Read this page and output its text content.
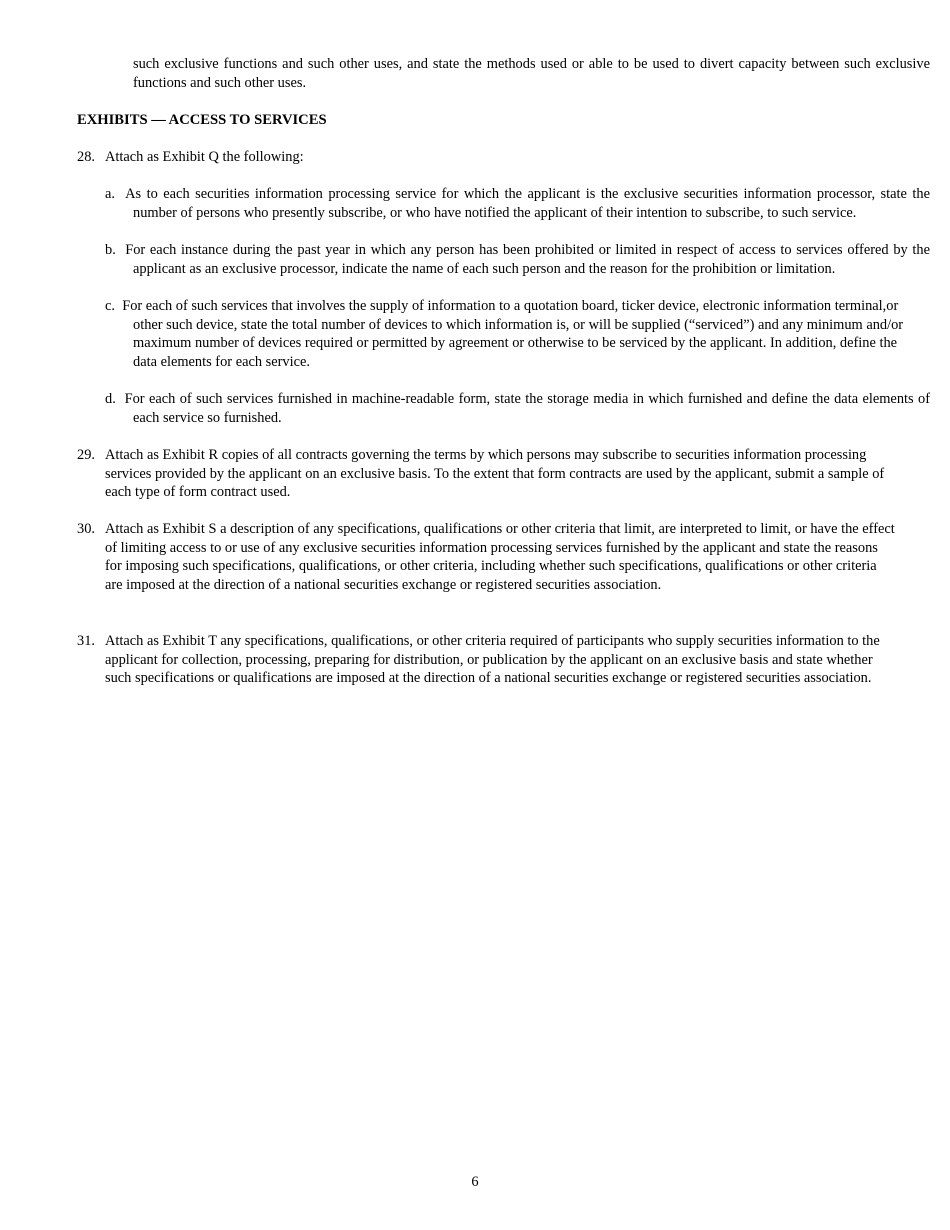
such exclusive functions and such other uses, and state the methods used or able to be used to divert capacity between such exclusive functions and such other uses.
EXHIBITS — ACCESS TO SERVICES
28. Attach as Exhibit Q the following:
a. As to each securities information processing service for which the applicant is the exclusive securities information processor, state the number of persons who presently subscribe, or who have notified the applicant of their intention to subscribe, to such service.
b. For each instance during the past year in which any person has been prohibited or limited in respect of access to services offered by the applicant as an exclusive processor, indicate the name of each such person and the reason for the prohibition or limitation.
c. For each of such services that involves the supply of information to a quotation board, ticker device, electronic information terminal,or other such device, state the total number of devices to which information is, or will be supplied (“serviced”) and any minimum and/or maximum number of devices required or permitted by agreement or otherwise to be serviced by the applicant. In addition, define the data elements for each service.
d. For each of such services furnished in machine-readable form, state the storage media in which furnished and define the data elements of each service so furnished.
29. Attach as Exhibit R copies of all contracts governing the terms by which persons may subscribe to securities information processing services provided by the applicant on an exclusive basis. To the extent that form contracts are used by the applicant, submit a sample of each type of form contract used.
30. Attach as Exhibit S a description of any specifications, qualifications or other criteria that limit, are interpreted to limit, or have the effect of limiting access to or use of any exclusive securities information processing services furnished by the applicant and state the reasons for imposing such specifications, qualifications, or other criteria, including whether such specifications, qualifications or other criteria are imposed at the direction of a national securities exchange or registered securities association.
31. Attach as Exhibit T any specifications, qualifications, or other criteria required of participants who supply securities information to the applicant for collection, processing, preparing for distribution, or publication by the applicant on an exclusive basis and state whether such specifications or qualifications are imposed at the direction of a national securities exchange or registered securities association.
6
